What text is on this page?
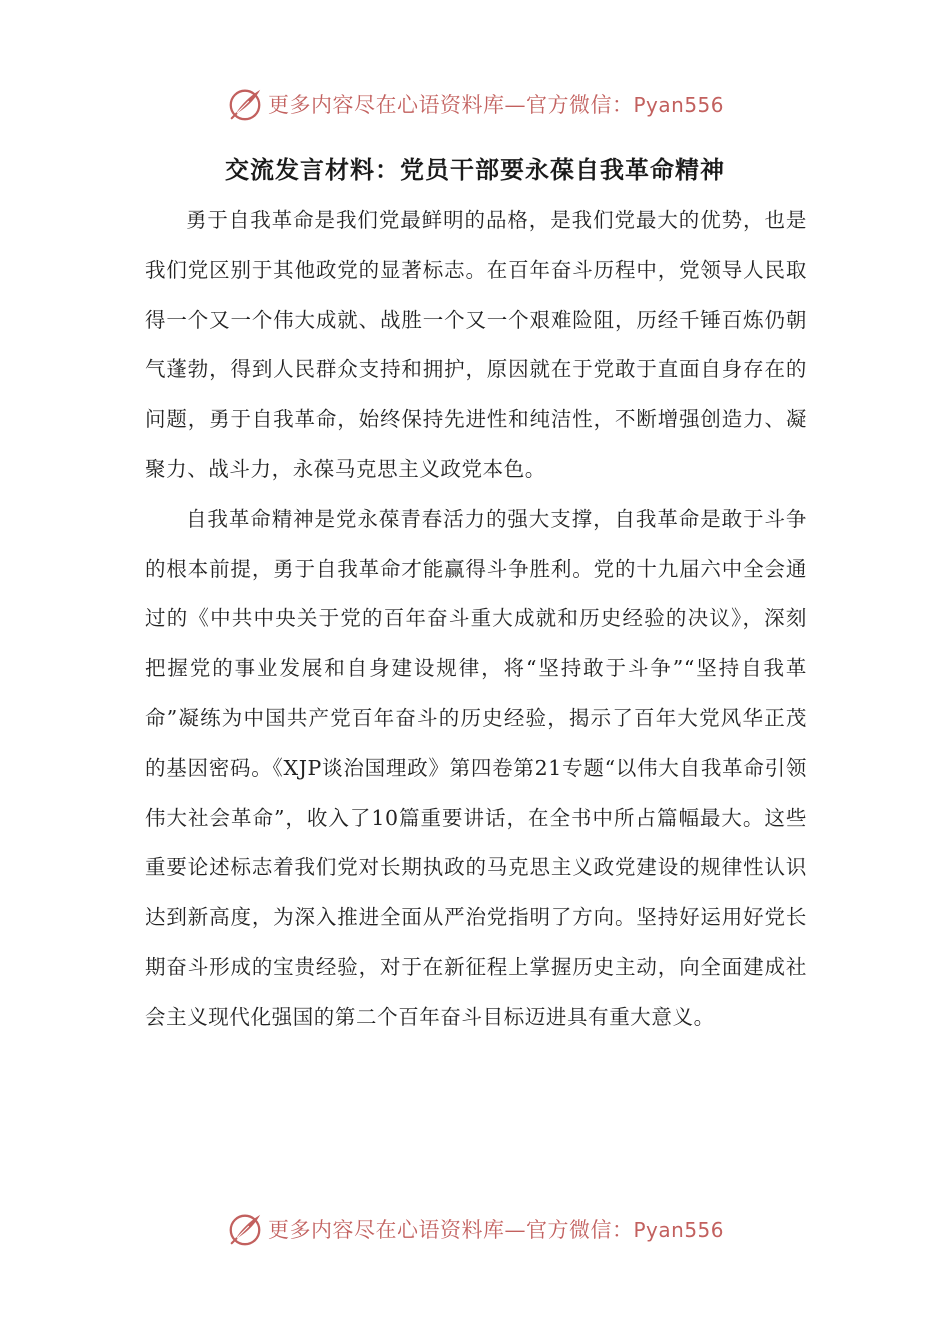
更多内容尽在心语资料库—官方微信：Pyan556
交流发言材料：党员干部要永葆自我革命精神

勇于自我革命是我们党最鲜明的品格，是我们党最大的优势，也是我们党区别于其他政党的显著标志。在百年奋斗历程中，党领导人民取得一个又一个伟大成就、战胜一个又一个艰难险阻，历经千锤百炼仍朝气蓬勃，得到人民群众支持和拥护，原因就在于党敢于直面自身存在的问题，勇于自我革命，始终保持先进性和纯洁性，不断增强创造力、凝聚力、战斗力，永葆马克思主义政党本色。

自我革命精神是党永葆青春活力的强大支撑，自我革命是敢于斗争的根本前提，勇于自我革命才能赢得斗争胜利。党的十九届六中全会通过的《中共中央关于党的百年奋斗重大成就和历史经验的决议》，深刻把握党的事业发展和自身建设规律，将“坚持敢于斗争”“坚持自我革命”凝练为中国共产党百年奋斗的历史经验，揭示了百年大党风华正茂的基因密码。《XJP谈治国理政》第四卷第21专题“以伟大自我革命引领伟大社会革命”，收入了10篇重要讲话，在全书中所占篇幅最大。这些重要论述标志着我们党对长期执政的马克思主义政党建设的规律性认识达到新高度，为深入推进全面从严治党指明了方向。坚持好运用好党长期奋斗形成的宝贵经验，对于在新征程上掌握历史主动，向全面建成社会主义现代化强国的第二个百年奋斗目标迈进具有重大意义。

更多内容尽在心语资料库—官方微信：Pyan556
